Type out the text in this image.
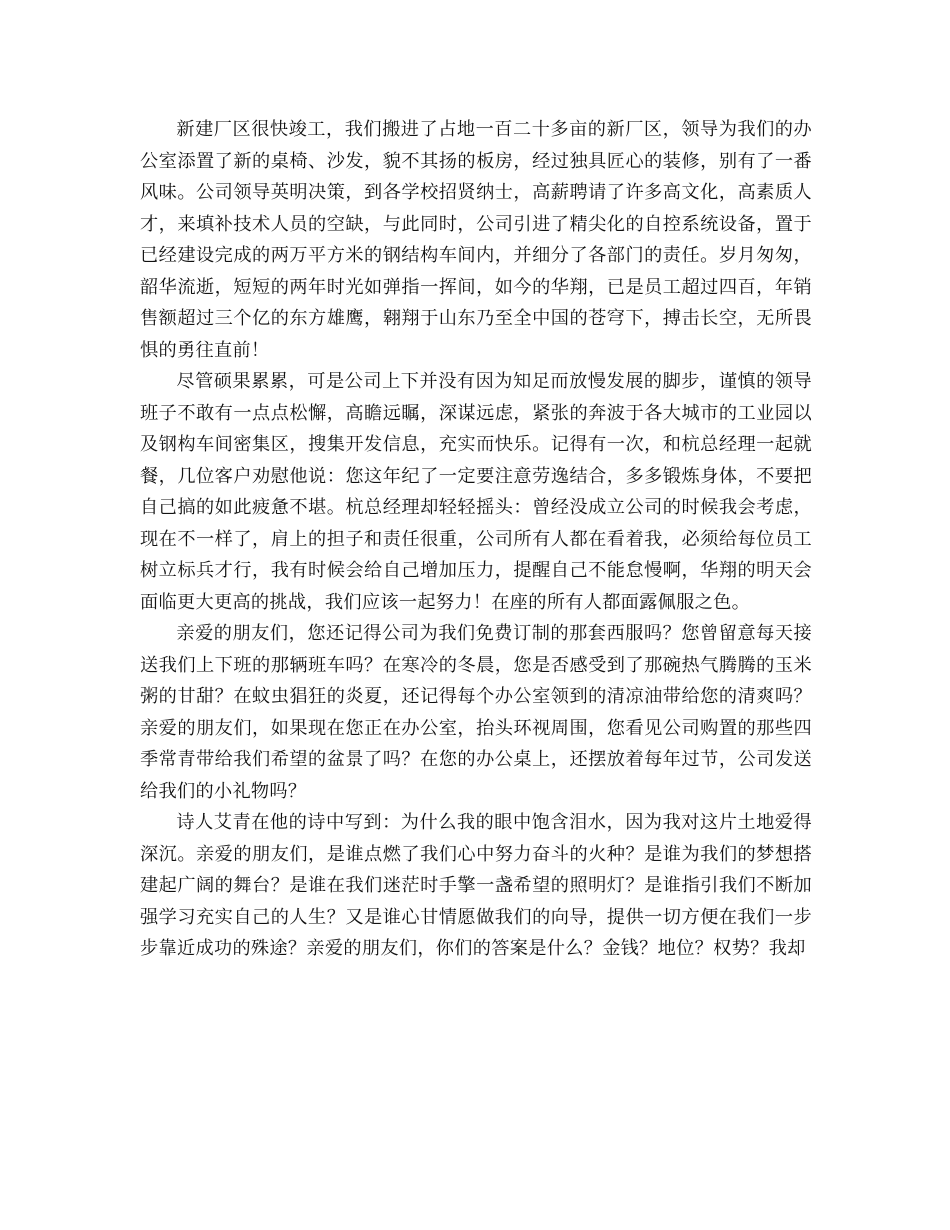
新建厂区很快竣工，我们搬进了占地一百二十多亩的新厂区，领导为我们的办公室添置了新的桌椅、沙发，貌不其扬的板房，经过独具匠心的装修，别有了一番风味。公司领导英明决策，到各学校招贤纳士，高薪聘请了许多高文化，高素质人才，来填补技术人员的空缺，与此同时，公司引进了精尖化的自控系统设备，置于已经建设完成的两万平方米的钢结构车间内，并细分了各部门的责任。岁月匆匆，韶华流逝，短短的两年时光如弹指一挥间，如今的华翔，已是员工超过四百，年销售额超过三个亿的东方雄鹰，翱翔于山东乃至全中国的苍穹下，搏击长空，无所畏惧的勇往直前！

尽管硕果累累，可是公司上下并没有因为知足而放慢发展的脚步，谨慎的领导班子不敢有一点点松懈，高瞻远瞩，深谋远虑，紧张的奔波于各大城市的工业园以及钢构车间密集区，搜集开发信息，充实而快乐。记得有一次，和杭总经理一起就餐，几位客户劝慰他说：您这年纪了一定要注意劳逸结合，多多锻炼身体，不要把自己搞的如此疲惫不堪。杭总经理却轻轻摇头：曾经没成立公司的时候我会考虑，现在不一样了，肩上的担子和责任很重，公司所有人都在看着我，必须给每位员工树立标兵才行，我有时候会给自己增加压力，提醒自己不能怠慢啊，华翔的明天会面临更大更高的挑战，我们应该一起努力！在座的所有人都面露佩服之色。

亲爱的朋友们，您还记得公司为我们免费订制的那套西服吗？您曾留意每天接送我们上下班的那辆班车吗？在寒冷的冬晨，您是否感受到了那碗热气腾腾的玉米粥的甘甜？在蚊虫猖狂的炎夏，还记得每个办公室领到的清凉油带给您的清爽吗？亲爱的朋友们，如果现在您正在办公室，抬头环视周围，您看见公司购置的那些四季常青带给我们希望的盆景了吗？在您的办公桌上，还摆放着每年过节，公司发送给我们的小礼物吗？

诗人艾青在他的诗中写到：为什么我的眼中饱含泪水，因为我对这片土地爱得深沉。亲爱的朋友们，是谁点燃了我们心中努力奋斗的火种？是谁为我们的梦想搭建起广阔的舞台？是谁在我们迷茫时手擎一盏希望的照明灯？是谁指引我们不断加强学习充实自己的人生？又是谁心甘情愿做我们的向导，提供一切方便在我们一步步靠近成功的殊途？亲爱的朋友们，你们的答案是什么？金钱？地位？权势？我却
